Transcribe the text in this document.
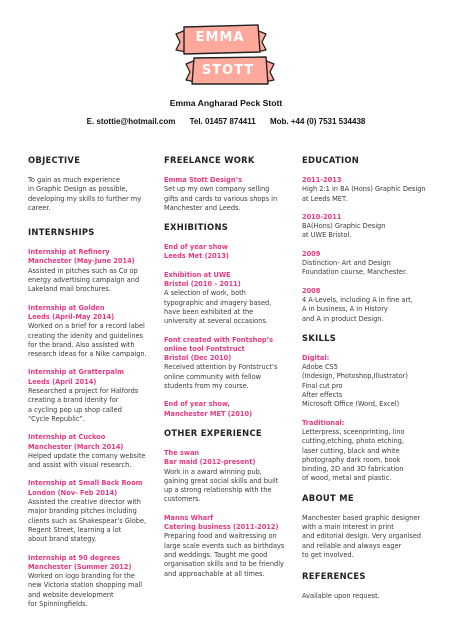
EMMA
STOTT
Emma Angharad Peck Stott
E. stottie@hotmail.com Tel. 01457 874411 Mob. +44 (0) 7531 534438
OBJECTIVE
To gain as much experience
in Graphic Design as possible,
developing my skills to further my
career.
INTERNSHIPS
Internship at Refinery
Manchester (May-June 2014)
Assisted in pitches such as Co op
energy advertising campaign and
Lakeland mail brochures.
Internship at Golden
Leeds (April-May 2014)
Worked on a brief for a record label
creating the idenity and guidelines
for the brand. Also assisted with
research ideas for a Nike campaign.
Internship at Gratterpalm
Leeds (April 2014)
Researched a project for Halfords
creating a brand idenity for
a cycling pop up shop called
“Cycle Republic”.
Internship at Cuckoo
Manchester (March 2014)
Helped update the comany website
and assist with visual research.
Internship at Small Back Room
London (Nov- Feb 2014)
Assisted the creative director with
major branding pitches including
clients such as Shakespear’s Globe,
Regent Street, learning a lot
about brand stategy.
Internship at 90 degrees
Manchester (Summer 2012)
Worked on logo branding for the
new Victoria station shopping mall
and website development
for Spinningfields.
FREELANCE WORK
Emma Stott Design’s
Set up my own company selling
gifts and cards to various shops in
Manchester and Leeds.
EXHIBITIONS
End of year show
Leeds Met (2013)
Exhibition at UWE
Bristol (2010 - 2011)
A selection of work, both
typographic and imagery based,
have been exhibited at the
university at several occasions.
Font created with Fontshop’s
online tool Fontstruct
Bristol (Dec 2010)
Received attention by Fontstruct’s
online community with fellow
students from my course.
End of year show,
Manchester MET (2010)
OTHER EXPERIENCE
The swan
Bar maid (2012-present)
Work in a award winning pub,
gaining great social skills and built
up a strong relationship with the
customers.
Manns Wharf
Catering business (2011-2012)
Preparing food and waitressing on
large scale events such as birthdays
and weddings. Taught me good
organisation skills and to be friendly
and approachable at all times.
EDUCATION
2011-2013
High 2:1 in BA (Hons) Graphic Design
at Leeds MET.
2010-2011
BA(Hons) Graphic Design
at UWE Bristol.
2009
Distinction- Art and Design
Foundation course, Manchester.
2008
4 A-Levels, including A in fine art,
A in business, A in History
and A in product Design.
SKILLS
Digital:
Adobe CS5
(Indesign, Photoshop,Illustrator)
Final cut pro
After effects
Microsoft Office (Word, Excel)
Traditional:
Letterpress, sceenprinting, lino
cutting,etching, photo etching,
laser cutting, black and white
photography dark room, book
binding, 2D and 3D fabrication
of wood, metal and plastic.
ABOUT ME
Manchester based graphic designer
with a main interest in print
and editorial design. Very organised
and reliable and always eager
to get involved.
REFERENCES
Available upon request.
